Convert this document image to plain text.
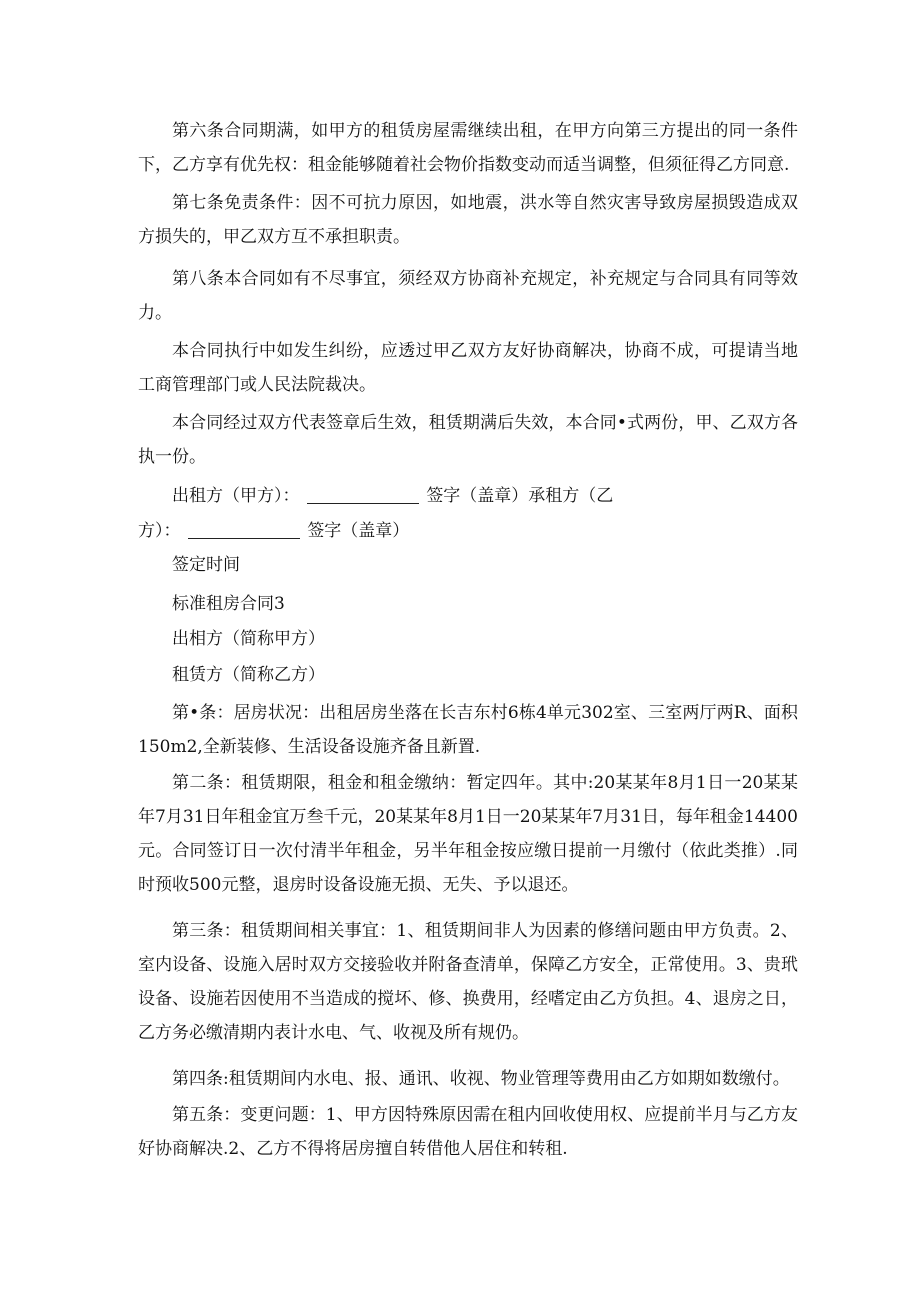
第六条合同期满，如甲方的租赁房屋需继续出租，在甲方向第三方提出的同一条件下，乙方享有优先权：租金能够随着社会物价指数变动而适当调整，但须征得乙方同意.

第七条免责条件：因不可抗力原因，如地震，洪水等自然灾害导致房屋损毁造成双方损失的，甲乙双方互不承担职责。

第八条本合同如有不尽事宜，须经双方协商补充规定，补充规定与合同具有同等效力。

本合同执行中如发生纠纷，应透过甲乙双方友好协商解决，协商不成，可提请当地工商管理部门或人民法院裁决。

本合同经过双方代表签章后生效，租赁期满后失效，本合同•式两份，甲、乙双方各执一份。

出租方（甲方）：	签字（盖章）承租方（乙
方）：	签字（盖章）
签定时间
标准租房合同3
出相方（简称甲方）
租赁方（简称乙方）

第•条：居房状况：出租居房坐落在长吉东村6栋4单元302室、三室两厅两R、面积150m2,全新装修、生活设备设施齐备且新置.

第二条：租赁期限，租金和租金缴纳：暂定四年。其中:20某某年8月1日一20某某年7月31日年租金宜万叁千元，20某某年8月1日一20某某年7月31日，每年租金14400元。合同签订日一次付清半年租金，另半年租金按应缴日提前一月缴付（依此类推）.同时预收500元整，退房时设备设施无损、无失、予以退还。

第三条：租赁期间相关事宜：1、租赁期间非人为因素的修缮问题由甲方负责。2、室内设备、设施入居时双方交接验收并附备查清单，保障乙方安全，正常使用。3、贵玳设备、设施若因使用不当造成的搅坏、修、换费用，经嗜定由乙方负担。4、退房之日，乙方务必缴清期内表计水电、气、收视及所有规仍。

第四条:租赁期间内水电、报、通讯、收视、物业管理等费用由乙方如期如数缴付。

第五条：变更问题：1、甲方因特殊原因需在租内回收使用权、应提前半月与乙方友好协商解决.2、乙方不得将居房擅自转借他人居住和转租.
